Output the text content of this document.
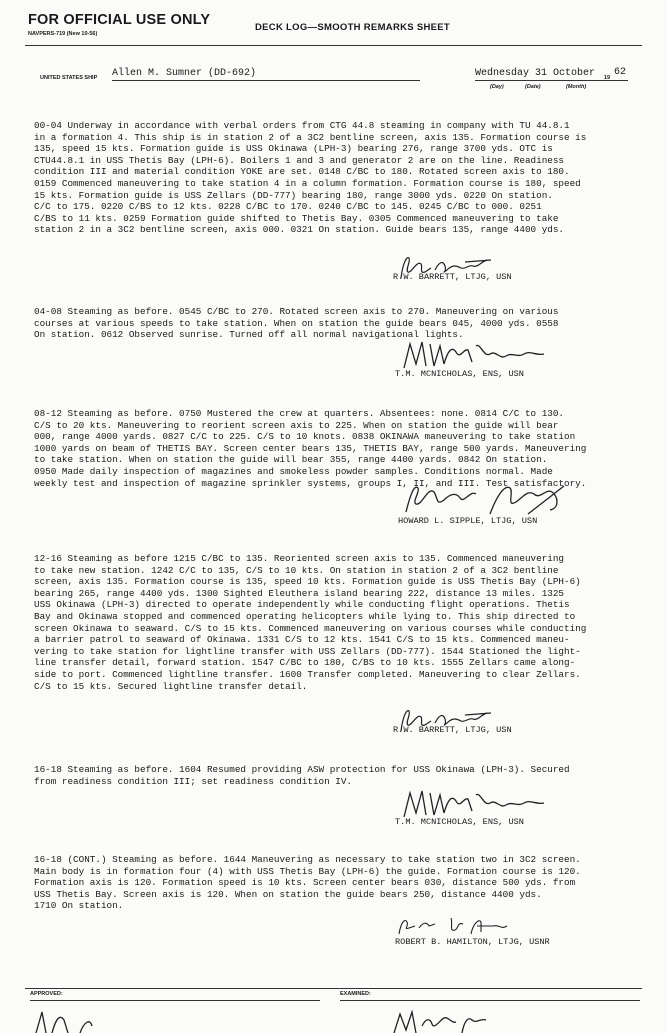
FOR OFFICIAL USE ONLY
NAVPERS-719 (New 10-56)
DECK LOG—SMOOTH REMARKS SHEET
UNITED STATES SHIP Allen M. Sumner (DD-692)	Wednesday 31 October 19 62
(Day)	(Date)	(Month)
00-04 Underway in accordance with verbal orders from CTG 44.8 steaming in company with TU 44.8.1
in a formation 4. This ship is in station 2 of a 3C2 bentline screen, axis 135. Formation course is
135, speed 15 kts. Formation guide is USS Okinawa (LPH-3) bearing 276, range 3700 yds. OTC is
CTU44.8.1 in USS Thetis Bay (LPH-6). Boilers 1 and 3 and generator 2 are on the line. Readiness
condition III and material condition YOKE are set. 0148 C/BC to 180. Rotated screen axis to 180.
0159 Commenced maneuvering to take station 4 in a column formation. Formation course is 180, speed
15 kts. Formation guide is USS Zellars (DD-777) bearing 180, range 3000 yds. 0220 On station.
C/C to 175. 0220 C/BS to 12 kts. 0228 C/BC to 170. 0240 C/BC to 145. 0245 C/BC to 000. 0251
C/BS to 11 kts. 0259 Formation guide shifted to Thetis Bay. 0305 Commenced maneuvering to take
station 2 in a 3C2 bentline screen, axis 000. 0321 On station. Guide bears 135, range 4400 yds.
R.W. BARRETT, LTJG, USN
04-08 Steaming as before. 0545 C/BC to 270. Rotated screen axis to 270. Maneuvering on various
courses at various speeds to take station. When on station the guide bears 045, 4000 yds. 0558
On station. 0612 Observed sunrise. Turned off all normal navigational lights.
T.M. MCNICHOLAS, ENS, USN
08-12 Steaming as before. 0750 Mustered the crew at quarters. Absentees: none. 0814 C/C to 130.
C/S to 20 kts. Maneuvering to reorient screen axis to 225. When on station the guide will bear
000, range 4000 yards. 0827 C/C to 225. C/S to 10 knots. 0838 OKINAWA maneuvering to take station
1000 yards on beam of THETIS BAY. Screen center bears 135, THETIS BAY, range 500 yards. Maneuvering
to take station. When on station the guide will bear 355, range 4400 yards. 0842 On station.
0950 Made daily inspection of magazines and smokeless powder samples. Conditions normal. Made
weekly test and inspection of magazine sprinkler systems, groups I, II, and III. Test satisfactory.
HOWARD L. SIPPLE, LTJG, USN
12-16 Steaming as before 1215 C/BC to 135. Reoriented screen axis to 135. Commenced maneuvering
to take new station. 1242 C/C to 135, C/S to 10 kts. On station in station 2 of a 3C2 bentline
screen, axis 135. Formation course is 135, speed 10 kts. Formation guide is USS Thetis Bay (LPH-6)
bearing 265, range 4400 yds. 1300 Sighted Eleuthera island bearing 222, distance 13 miles. 1325
USS Okinawa (LPH-3) directed to operate independently while conducting flight operations. Thetis
Bay and Okinawa stopped and commenced operating helicopters while lying to. This ship directed to
screen Okinawa to seaward. C/S to 15 kts. Commenced maneuvering on various courses while conducting
a barrier patrol to seaward of Okinawa. 1331 C/S to 12 kts. 1541 C/S to 15 kts. Commenced maneu-
vering to take station for lightline transfer with USS Zellars (DD-777). 1544 Stationed the light-
line transfer detail, forward station. 1547 C/BC to 180, C/BS to 10 kts. 1555 Zellars came along-
side to port. Commenced lightline transfer. 1600 Transfer completed. Maneuvering to clear Zellars.
C/S to 15 kts. Secured lightline transfer detail.
R.W. BARRETT, LTJG, USN
16-18 Steaming as before. 1604 Resumed providing ASW protection for USS Okinawa (LPH-3). Secured
from readiness condition III; set readiness condition IV.
T.M. MCNICHOLAS, ENS, USN
16-18 (CONT.) Steaming as before. 1644 Maneuvering as necessary to take station two in 3C2 screen.
Main body is in formation four (4) with USS Thetis Bay (LPH-6) the guide. Formation course is 120.
Formation axis is 120. Formation speed is 10 kts. Screen center bears 030, distance 500 yds. from
USS Thetis Bay. Screen axis is 120. When on station the guide bears 250, distance 4400 yds.
1710 On station.
ROBERT B. HAMILTON, LTJG, USNR
APPROVED:	EXAMINED:
